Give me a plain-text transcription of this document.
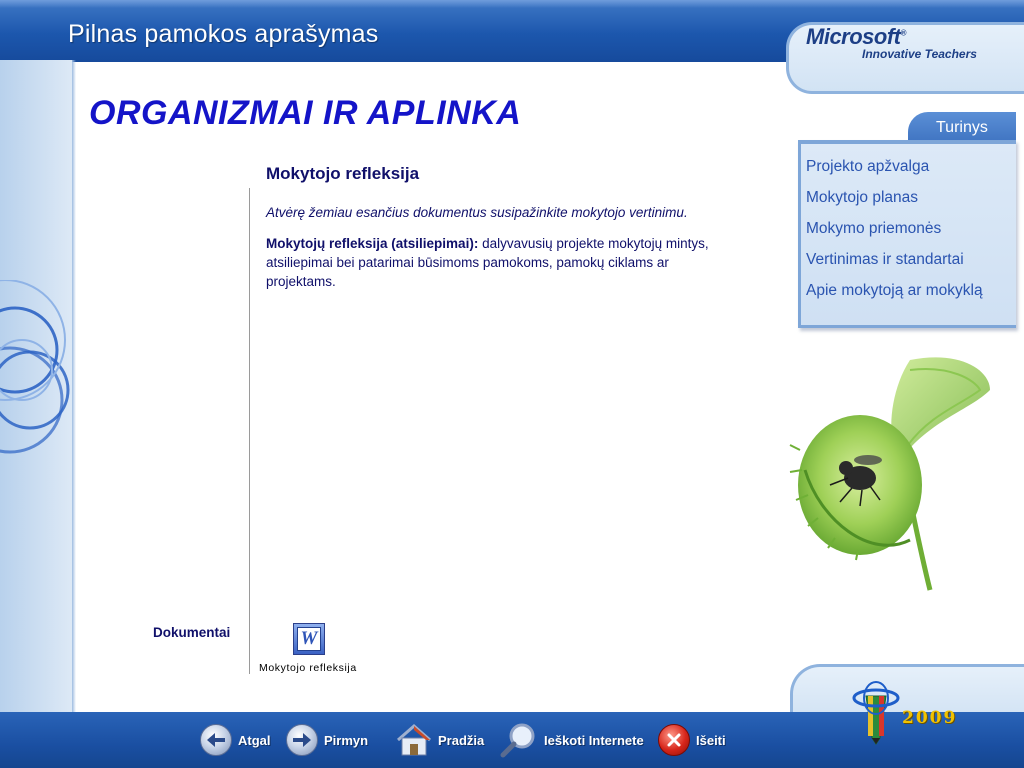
Pilnas pamokos aprašymas	Microsoft®
Innovative Teachers
ORGANIZMAI IR APLINKA
Mokytojo refleksija
Atvėrę žemiau esančius dokumentus susipažinkite mokytojo vertinimu.
Mokytojų refleksija (atsiliepimai): dalyvavusių projekte mokytojų mintys, atsiliepimai bei patarimai būsimoms pamokoms, pamokų ciklams ar projektams.
Dokumentai	W
Mokytojo refleksija
Turinys
Projekto apžvalga
Mokytojo planas
Mokymo priemonės
Vertinimas ir standartai
Apie mokytoją ar mokyklą
Atgal	Pirmyn	Pradžia	Ieškoti Internete	Išeiti
2009
